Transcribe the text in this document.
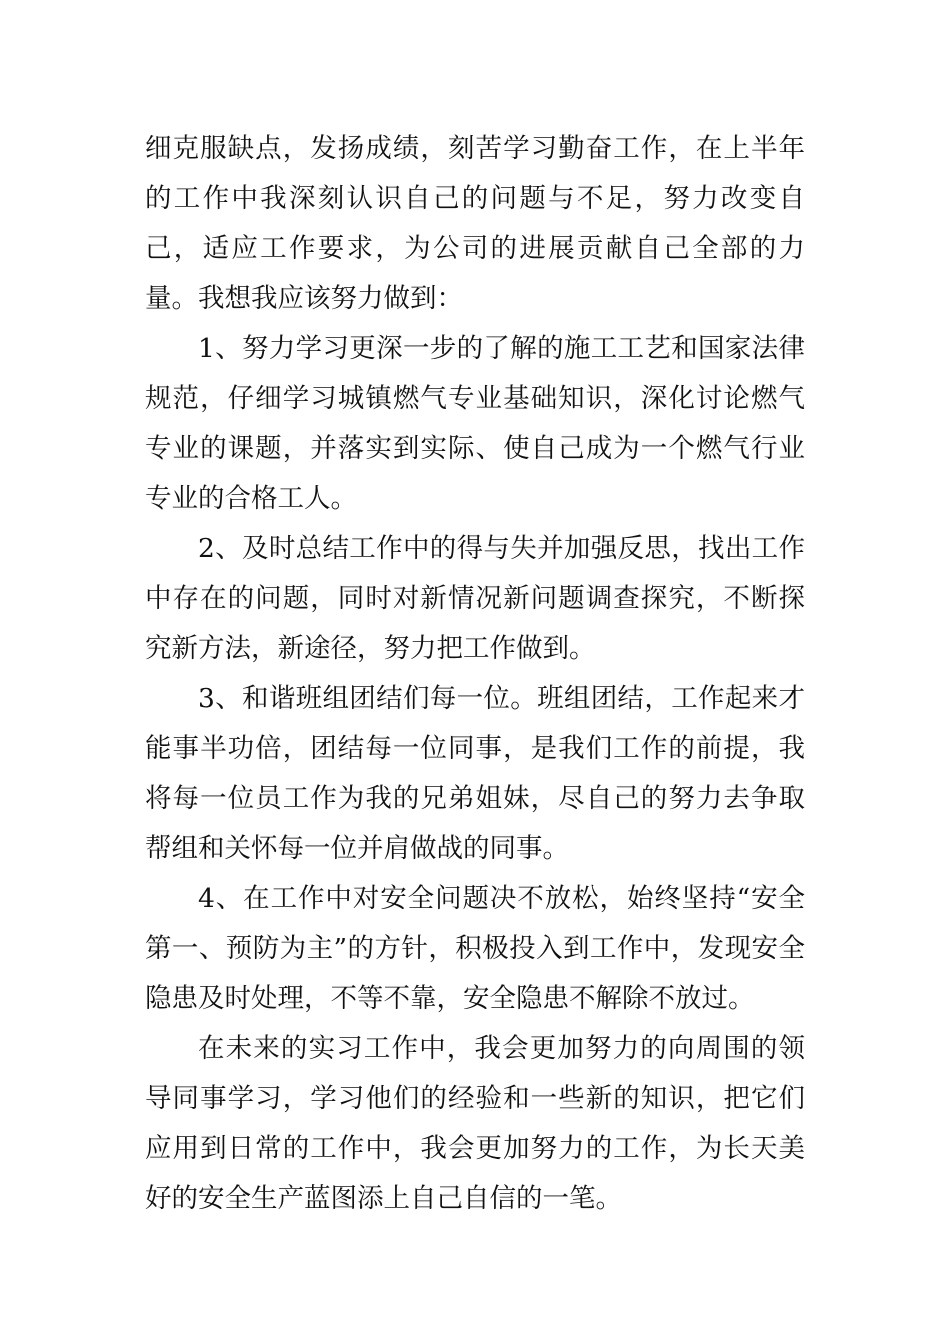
细克服缺点，发扬成绩，刻苦学习勤奋工作，在上半年的工作中我深刻认识自己的问题与不足，努力改变自己，适应工作要求，为公司的进展贡献自己全部的力量。我想我应该努力做到：

1、努力学习更深一步的了解的施工工艺和国家法律规范，仔细学习城镇燃气专业基础知识，深化讨论燃气专业的课题，并落实到实际、使自己成为一个燃气行业专业的合格工人。

2、及时总结工作中的得与失并加强反思，找出工作中存在的问题，同时对新情况新问题调查探究，不断探究新方法，新途径，努力把工作做到。

3、和谐班组团结们每一位。班组团结，工作起来才能事半功倍，团结每一位同事，是我们工作的前提，我将每一位员工作为我的兄弟姐妹，尽自己的努力去争取帮组和关怀每一位并肩做战的同事。

4、在工作中对安全问题决不放松，始终坚持“安全第一、预防为主”的方针，积极投入到工作中，发现安全隐患及时处理，不等不靠，安全隐患不解除不放过。

在未来的实习工作中，我会更加努力的向周围的领导同事学习，学习他们的经验和一些新的知识，把它们应用到日常的工作中，我会更加努力的工作，为长天美好的安全生产蓝图添上自己自信的一笔。
